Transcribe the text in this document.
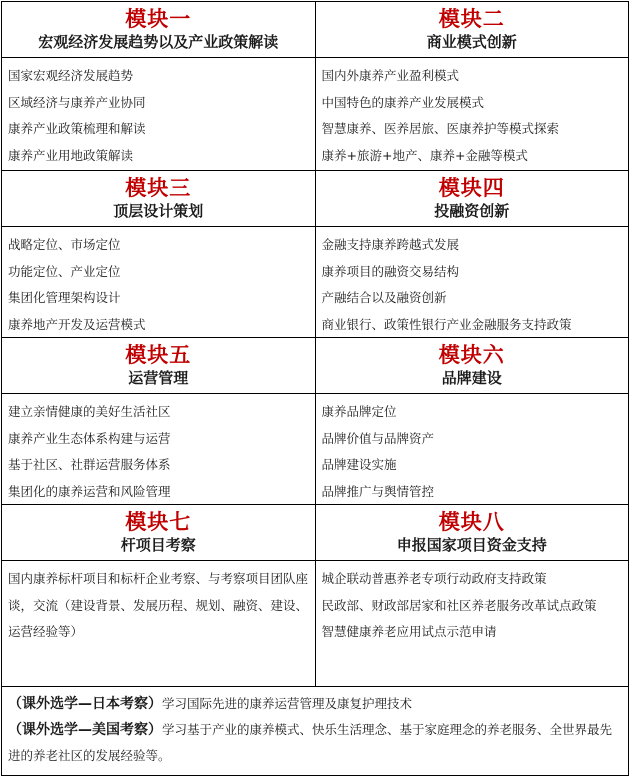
模块一
宏观经济发展趋势以及产业政策解读
国家宏观经济发展趋势
区域经济与康养产业协同
康养产业政策梳理和解读
康养产业用地政策解读
模块二
商业模式创新
国内外康养产业盈利模式
中国特色的康养产业发展模式
智慧康养、医养居旅、医康养护等模式探索
康养+旅游+地产、康养+金融等模式
模块三
顶层设计策划
战略定位、市场定位
功能定位、产业定位
集团化管理架构设计
康养地产开发及运营模式
模块四
投融资创新
金融支持康养跨越式发展
康养项目的融资交易结构
产融结合以及融资创新
商业银行、政策性银行产业金融服务支持政策
模块五
运营管理
建立亲情健康的美好生活社区
康养产业生态体系构建与运营
基于社区、社群运营服务体系
集团化的康养运营和风险管理
模块六
品牌建设
康养品牌定位
品牌价值与品牌资产
品牌建设实施
品牌推广与舆情管控
模块七
杆项目考察
国内康养标杆项目和标杆企业考察、与考察项目团队座谈，交流（建设背景、发展历程、规划、融资、建设、运营经验等）
模块八
申报国家项目资金支持
城企联动普惠养老专项行动政府支持政策
民政部、财政部居家和社区养老服务改革试点政策
智慧健康养老应用试点示范申请
（课外选学—日本考察）学习国际先进的康养运营管理及康复护理技术
（课外选学—美国考察）学习基于产业的康养模式、快乐生活理念、基于家庭理念的养老服务、全世界最先进的养老社区的发展经验等。
